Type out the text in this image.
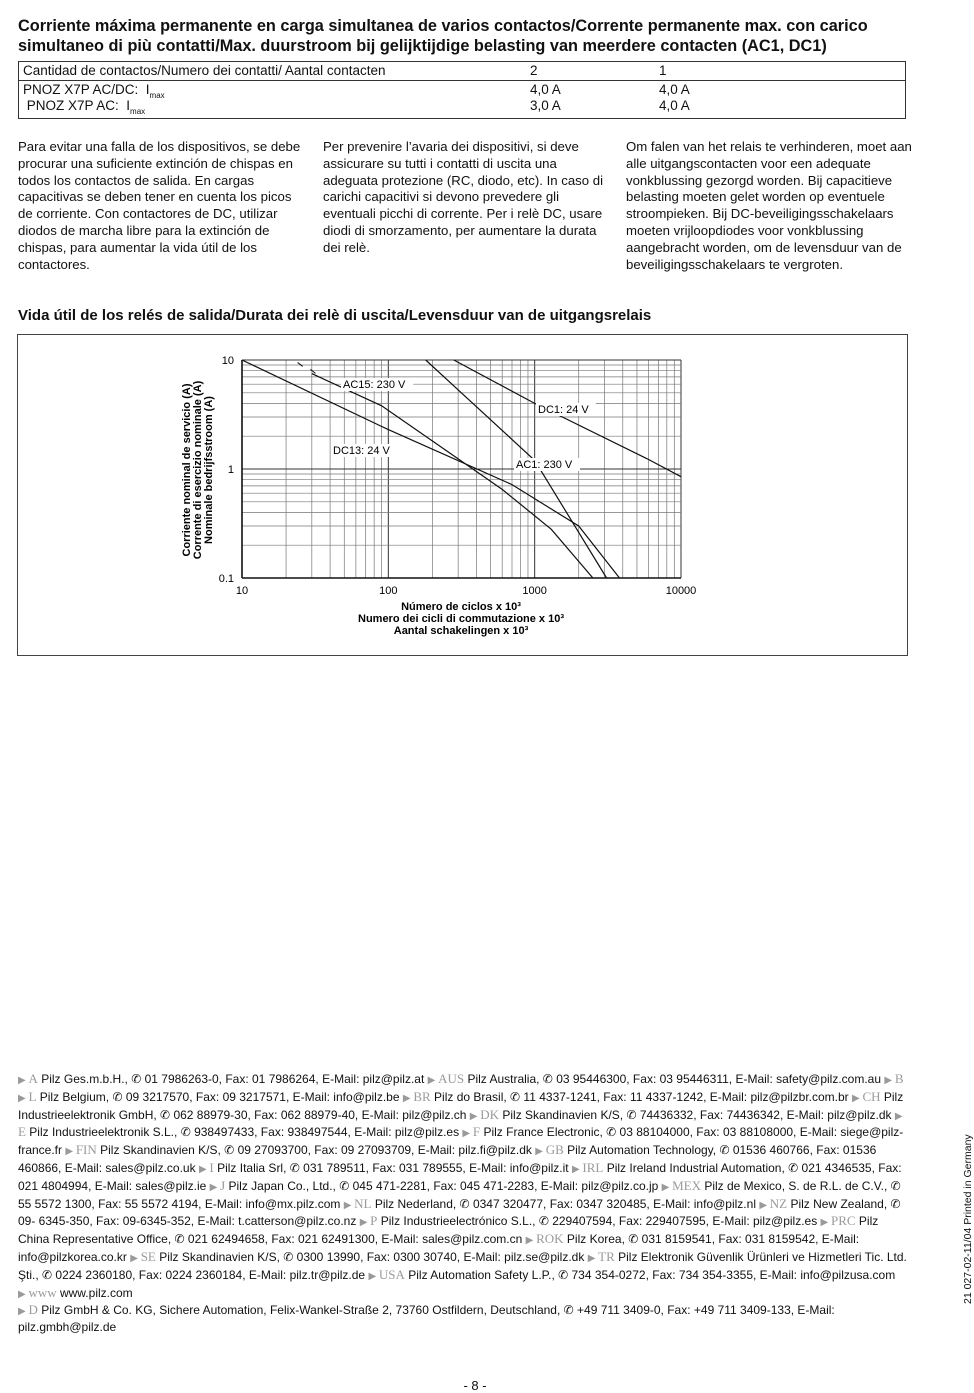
Corriente máxima permanente en carga simultanea de varios contactos/Corrente permanente max. con carico simultaneo di più contatti/Max. duurstroom bij gelijktijdige belasting van meerdere contacten (AC1, DC1)
Cantidad de contactos/Numero dei contatti/ Aantal contacten	2	1
PNOZ X7P AC/DC:  $I_{max}$	4,0 A	4,0 A
PNOZ X7P AC:  $I_{max}$	3,0 A	4,0 A

Para evitar una falla de los dispositivos, se debe procurar una suficiente extinción de chispas en todos los contactos de salida. En cargas capacitivas se deben tener en cuenta los picos de corriente. Con contactores de DC, utilizar diodos de marcha libre para la extinción de chispas, para aumentar la vida útil de los contactores.

Per prevenire l’avaria dei dispositivi, si deve assicurare su tutti i contatti di uscita una adeguata protezione (RC, diodo, etc). In caso di carichi capacitivi si devono prevedere gli eventuali picchi di corrente. Per i relè DC, usare diodi di smorzamento, per aumentare la durata dei relè.

Om falen van het relais te verhinderen, moet aan alle uitgangscontacten voor een adequate vonkblussing gezorgd worden. Bij capacitieve belasting moeten gelet worden op eventuele stroompieken. Bij DC-beveiligingsschakelaars moeten vrijloopdiodes voor vonkblussing aangebracht worden, om de levensduur van de beveiligingsschakelaars te vergroten.

Vida útil de los relés de salida/Durata dei relè di uscita/Levensduur van de uitgangsrelais
10	100	1000	10000
10
1
0.1
Número de ciclos x 10³
Numero dei cicli di commutazione x 10³
Aantal schakelingen x 10³
Corriente nominal de servicio (A) Corrente di esercizio nominale (A) Nominale bedrijfsstroom (A)
AC15: 230 V
DC13: 24 V
AC1: 230 V
DC1: 24 V
▶ A Pilz Ges.m.b.H., ✆ 01 7986263-0, Fax: 01 7986264, E-Mail: pilz@pilz.at ▶ AUS Pilz Australia, ✆ 03 95446300, Fax: 03 95446311, E-Mail: safety@pilz.com.au ▶ B ▶ L Pilz Belgium, ✆ 09 3217570, Fax: 09 3217571, E-Mail: info@pilz.be ▶ BR Pilz do Brasil, ✆ 11 4337-1241, Fax: 11 4337-1242, E-Mail: pilz@pilzbr.com.br ▶ CH Pilz Industrieelektronik GmbH, ✆ 062 88979-30, Fax: 062 88979-40, E-Mail: pilz@pilz.ch ▶ DK Pilz Skandinavien K/S, ✆ 74436332, Fax: 74436342, E-Mail: pilz@pilz.dk ▶ E Pilz Industrieelektronik S.L., ✆ 938497433, Fax: 938497544, E-Mail: pilz@pilz.es ▶ F Pilz France Electronic, ✆ 03 88104000, Fax: 03 88108000, E-Mail: siege@pilz-france.fr ▶ FIN Pilz Skandinavien K/S, ✆ 09 27093700, Fax: 09 27093709, E-Mail: pilz.fi@pilz.dk ▶ GB Pilz Automation Technology, ✆ 01536 460766, Fax: 01536 460866, E-Mail: sales@pilz.co.uk ▶ I Pilz Italia Srl, ✆ 031 789511, Fax: 031 789555, E-Mail: info@pilz.it ▶ IRL Pilz Ireland Industrial Automation, ✆ 021 4346535, Fax: 021 4804994, E-Mail: sales@pilz.ie ▶ J Pilz Japan Co., Ltd., ✆ 045 471-2281, Fax: 045 471-2283, E-Mail: pilz@pilz.co.jp ▶ MEX Pilz de Mexico, S. de R.L. de C.V., ✆ 55 5572 1300, Fax: 55 5572 4194, E-Mail: info@mx.pilz.com ▶ NL Pilz Nederland, ✆ 0347 320477, Fax: 0347 320485, E-Mail: info@pilz.nl ▶ NZ Pilz New Zealand, ✆ 09- 6345-350, Fax: 09-6345-352, E-Mail: t.catterson@pilz.co.nz ▶ P Pilz Industrieelectrónico S.L., ✆ 229407594, Fax: 229407595, E-Mail: pilz@pilz.es ▶ PRC Pilz China Representative Office, ✆ 021 62494658, Fax: 021 62491300, E-Mail: sales@pilz.com.cn ▶ ROK Pilz Korea, ✆ 031 8159541, Fax: 031 8159542, E-Mail: info@pilzkorea.co.kr ▶ SE Pilz Skandinavien K/S, ✆ 0300 13990, Fax: 0300 30740, E-Mail: pilz.se@pilz.dk ▶ TR Pilz Elektronik Güvenlik Ürünleri ve Hizmetleri Tic. Ltd. Şti., ✆ 0224 2360180, Fax: 0224 2360184, E-Mail: pilz.tr@pilz.de ▶ USA Pilz Automation Safety L.P., ✆ 734 354-0272, Fax: 734 354-3355, E-Mail: info@pilzusa.com
▶ www www.pilz.com
▶ D Pilz GmbH & Co. KG, Sichere Automation, Felix-Wankel-Straße 2, 73760 Ostfildern, Deutschland, ✆ +49 711 3409-0, Fax: +49 711 3409-133, E-Mail: pilz.gmbh@pilz.de
21 027-02-11/04 Printed in Germany
- 8 -
